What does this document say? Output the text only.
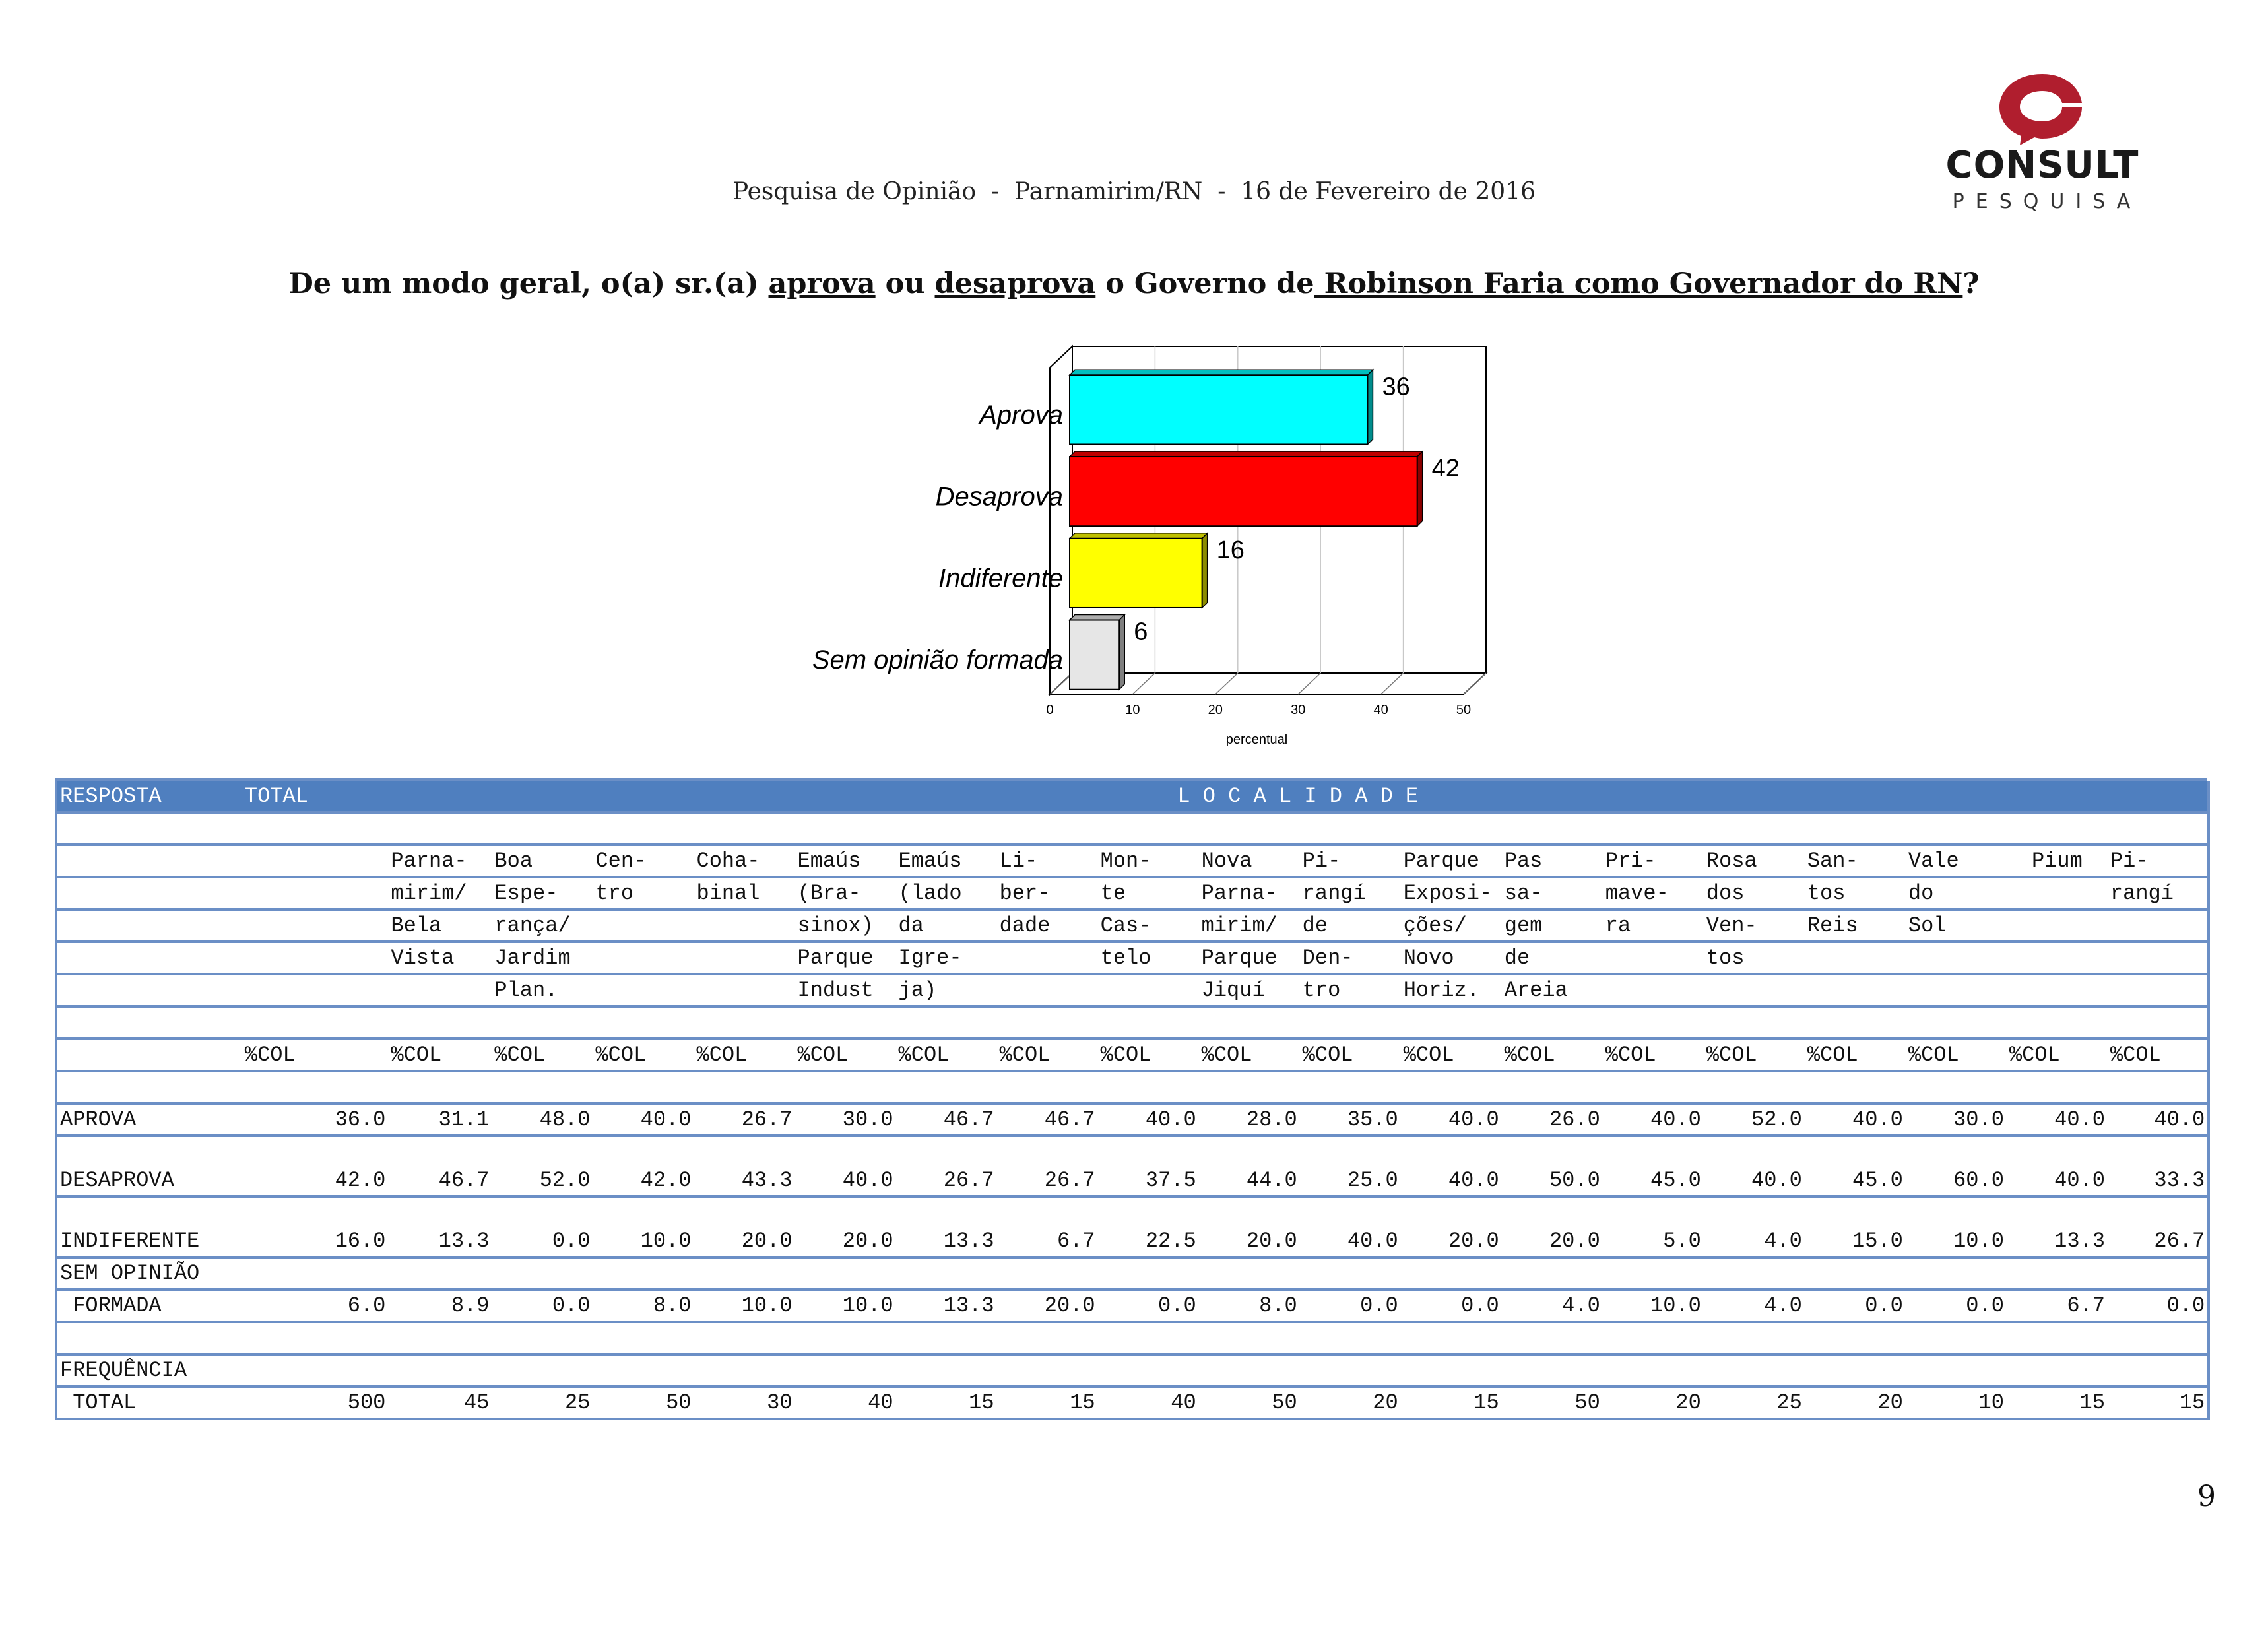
CONSULT
PESQUISA
Pesquisa de Opinião  -  Parnamirim/RN  -  16 de Fevereiro de 2016
De um modo geral, o(a) sr.(a) aprova ou desaprova o Governo de Robinson Faria como Governador do RN?
0	10	20	30	40	50
percentual
36
Aprova
42
Desaprova
16
Indiferente
6
Sem opinião formada
RESPOSTA	TOTAL	L O C A L I D A D E																	

		Parna-	Boa	Cen-	Coha-	Emaús	Emaús	Li-	Mon-	Nova	Pi-	Parque	Pas	Pri-	Rosa	San-	Vale	Pium	Pi-
		mirim/	Espe-	tro	binal	(Bra-	(lado	ber-	te	Parna-	rangí	Exposi-	sa-	mave-	dos	tos	do		rangí
		Bela	rança/			sinox)	da	dade	Cas-	mirim/	de	ções/	gem	ra	Ven-	Reis	Sol		
		Vista	Jardim			Parque	Igre-		telo	Parque	Den-	Novo	de		tos				
			Plan.			Indust	ja)			Jiquí	tro	Horiz.	Areia						

	%COL	%COL	%COL	%COL	%COL	%COL	%COL	%COL	%COL	%COL	%COL	%COL	%COL	%COL	%COL	%COL	%COL	%COL	%COL

APROVA	36.0	31.1	48.0	40.0	26.7	30.0	46.7	46.7	40.0	28.0	35.0	40.0	26.0	40.0	52.0	40.0	30.0	40.0	40.0
DESAPROVA	42.0	46.7	52.0	42.0	43.3	40.0	26.7	26.7	37.5	44.0	25.0	40.0	50.0	45.0	40.0	45.0	60.0	40.0	33.3
INDIFERENTE	16.0	13.3	0.0	10.0	20.0	20.0	13.3	6.7	22.5	20.0	40.0	20.0	20.0	5.0	4.0	15.0	10.0	13.3	26.7
SEM OPINIÃO																			
FORMADA	6.0	8.9	0.0	8.0	10.0	10.0	13.3	20.0	0.0	8.0	0.0	0.0	4.0	10.0	4.0	0.0	0.0	6.7	0.0

FREQUÊNCIA																			
TOTAL	500	45	25	50	30	40	15	15	40	50	20	15	50	20	25	20	10	15	15
9
